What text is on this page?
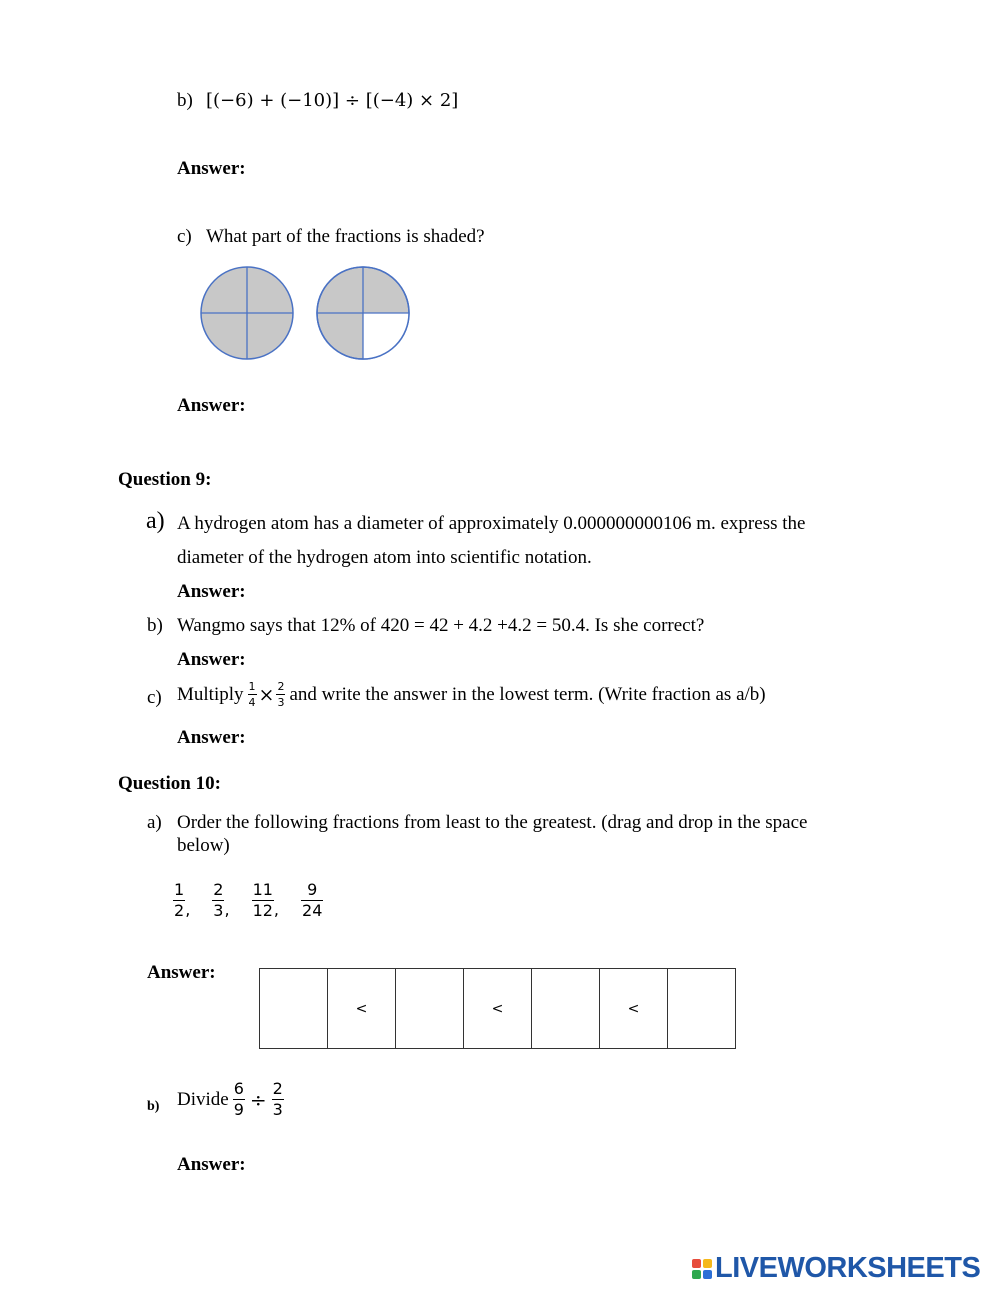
b) [(−6) + (−10)] ÷ [(−4) × 2]
Answer:
c) What part of the fractions is shaded?
Answer:
Question 9:
a) A hydrogen atom has a diameter of approximately 0.000000000106 m. express the
diameter of the hydrogen atom into scientific notation.
Answer:
b) Wangmo says that 12% of 420 = 42 + 4.2 +4.2 = 50.4. Is she correct?
Answer:
c) Multiply $\frac{1}{4} \times \frac{2}{3}$ and write the answer in the lowest term. (Write fraction as a/b)
Answer:
Question 10:
a) Order the following fractions from least to the greatest. (drag and drop in the space
below)
$\frac{1}{2}$ , $\frac{2}{3}$ , $\frac{11}{12}$ , $\frac{9}{24}$
Answer:
	<		<		<	
b) Divide $\frac{6}{9} \div \frac{2}{3}$
Answer:
LIVEWORKSHEETS
